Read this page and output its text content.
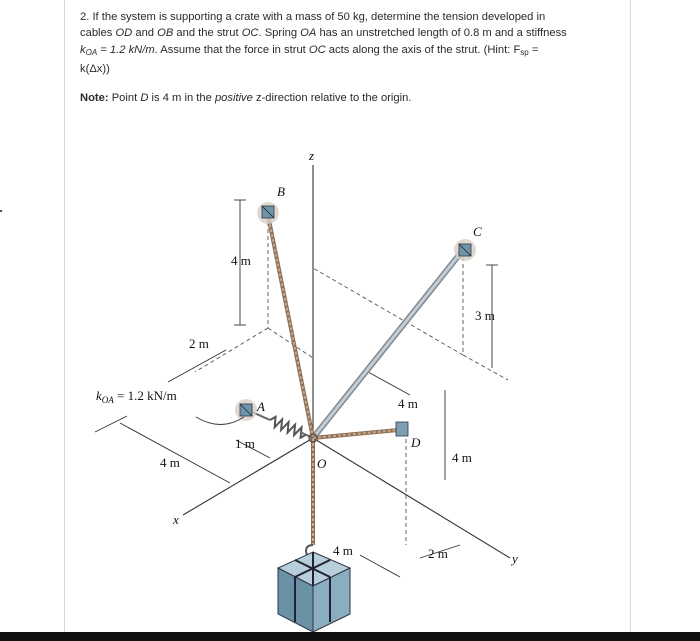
2. If the system is supporting a crate with a mass of 50 kg, determine the tension developed in

cables OD and OB and the strut OC. Spring OA has an unstretched length of 0.8 m and a stiffness

$k_{OA} = 1.2$ kN/m. Assume that the force in strut OC acts along the axis of the strut. (Hint: $F_{sp}$ =

k(Δx))

Note: Point D is 4 m in the positive z-direction relative to the origin.

z
x
y
B
C
A
D
O
4 m
3 m
2 m
1 m
4 m
4 m
4 m
4 m	2 m
$k_{OA} = 1.2$ kN/m
